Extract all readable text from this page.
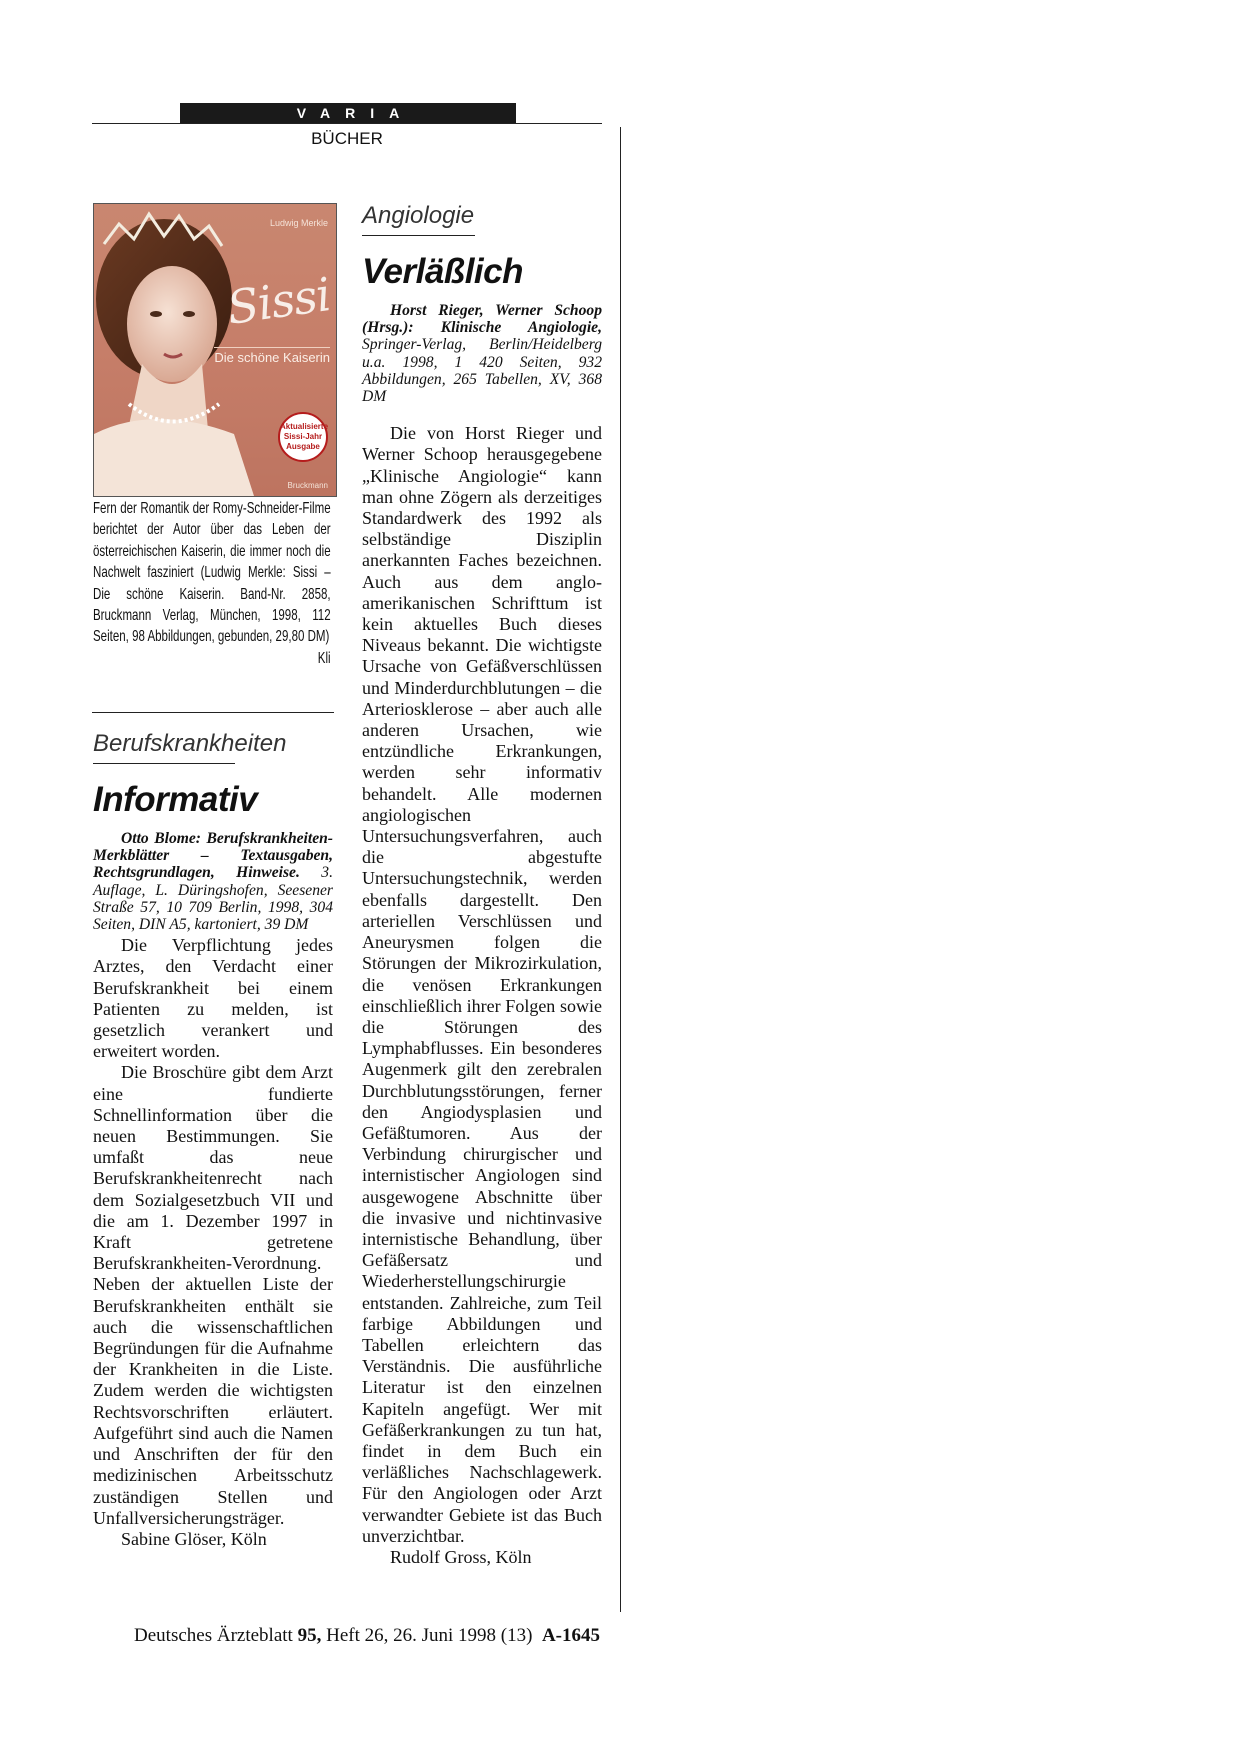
VARIA
BÜCHER
Ludwig Merkle
Sissi
Die schöne Kaiserin
Aktualisierte
Sissi-Jahr
Ausgabe
Bruckmann
Fern der Romantik der Romy-Schneider-Filme berichtet der Autor über das Leben der österreichischen Kaiserin, die immer noch die Nachwelt fasziniert (Ludwig Merkle: Sissi – Die schöne Kaiserin. Band-Nr. 2858, Bruckmann Verlag, München, 1998, 112 Seiten, 98 Abbildungen, gebunden, 29,80 DM)
Kli
Berufskrankheiten
Informativ
Otto Blome: Berufskrankheiten-Merkblätter – Textausgaben, Rechtsgrundlagen, Hinweise. 3. Auflage, L. Düringshofen, Seesener Straße 57, 10 709 Berlin, 1998, 304 Seiten, DIN A5, kartoniert, 39 DM

Die Verpflichtung jedes Arztes, den Verdacht einer Berufskrankheit bei einem Patienten zu melden, ist gesetzlich verankert und erweitert worden.

Die Broschüre gibt dem Arzt eine fundierte Schnellinformation über die neuen Bestimmungen. Sie umfaßt das neue Berufskrankheitenrecht nach dem Sozialgesetzbuch VII und die am 1. Dezember 1997 in Kraft getretene Berufskrankheiten-Verordnung. Neben der aktuellen Liste der Berufskrankheiten enthält sie auch die wissenschaftlichen Begründungen für die Aufnahme der Krankheiten in die Liste. Zudem werden die wichtigsten Rechtsvorschriften erläutert. Aufgeführt sind auch die Namen und Anschriften der für den medizinischen Arbeitsschutz zuständigen Stellen und Unfallversicherungsträger.

Sabine Glöser, Köln
Angiologie
Verläßlich
Horst Rieger, Werner Schoop (Hrsg.): Klinische Angiologie, Springer-Verlag, Berlin/Heidelberg u.a. 1998, 1 420 Seiten, 932 Abbildungen, 265 Tabellen, XV, 368 DM

Die von Horst Rieger und Werner Schoop herausgegebene „Klinische Angiologie“ kann man ohne Zögern als derzeitiges Standardwerk des 1992 als selbständige Disziplin anerkannten Faches bezeichnen. Auch aus dem anglo-amerikanischen Schrifttum ist kein aktuelles Buch dieses Niveaus bekannt. Die wichtigste Ursache von Gefäßverschlüssen und Minderdurchblutungen – die Arteriosklerose – aber auch alle anderen Ursachen, wie entzündliche Erkrankungen, werden sehr informativ behandelt. Alle modernen angiologischen Untersuchungsverfahren, auch die abgestufte Untersuchungstechnik, werden ebenfalls dargestellt. Den arteriellen Verschlüssen und Aneurysmen folgen die Störungen der Mikrozirkulation, die venösen Erkrankungen einschließlich ihrer Folgen sowie die Störungen des Lymphabflusses. Ein besonderes Augenmerk gilt den zerebralen Durchblutungsstörungen, ferner den Angiodysplasien und Gefäßtumoren. Aus der Verbindung chirurgischer und internistischer Angiologen sind ausgewogene Abschnitte über die invasive und nichtinvasive internistische Behandlung, über Gefäßersatz und Wiederherstellungschirurgie entstanden. Zahlreiche, zum Teil farbige Abbildungen und Tabellen erleichtern das Verständnis. Die ausführliche Literatur ist den einzelnen Kapiteln angefügt. Wer mit Gefäßerkrankungen zu tun hat, findet in dem Buch ein verläßliches Nachschlagewerk. Für den Angiologen oder Arzt verwandter Gebiete ist das Buch unverzichtbar.

Rudolf Gross, Köln
Deutsches Ärzteblatt 95, Heft 26, 26. Juni 1998 (13) A-1645
